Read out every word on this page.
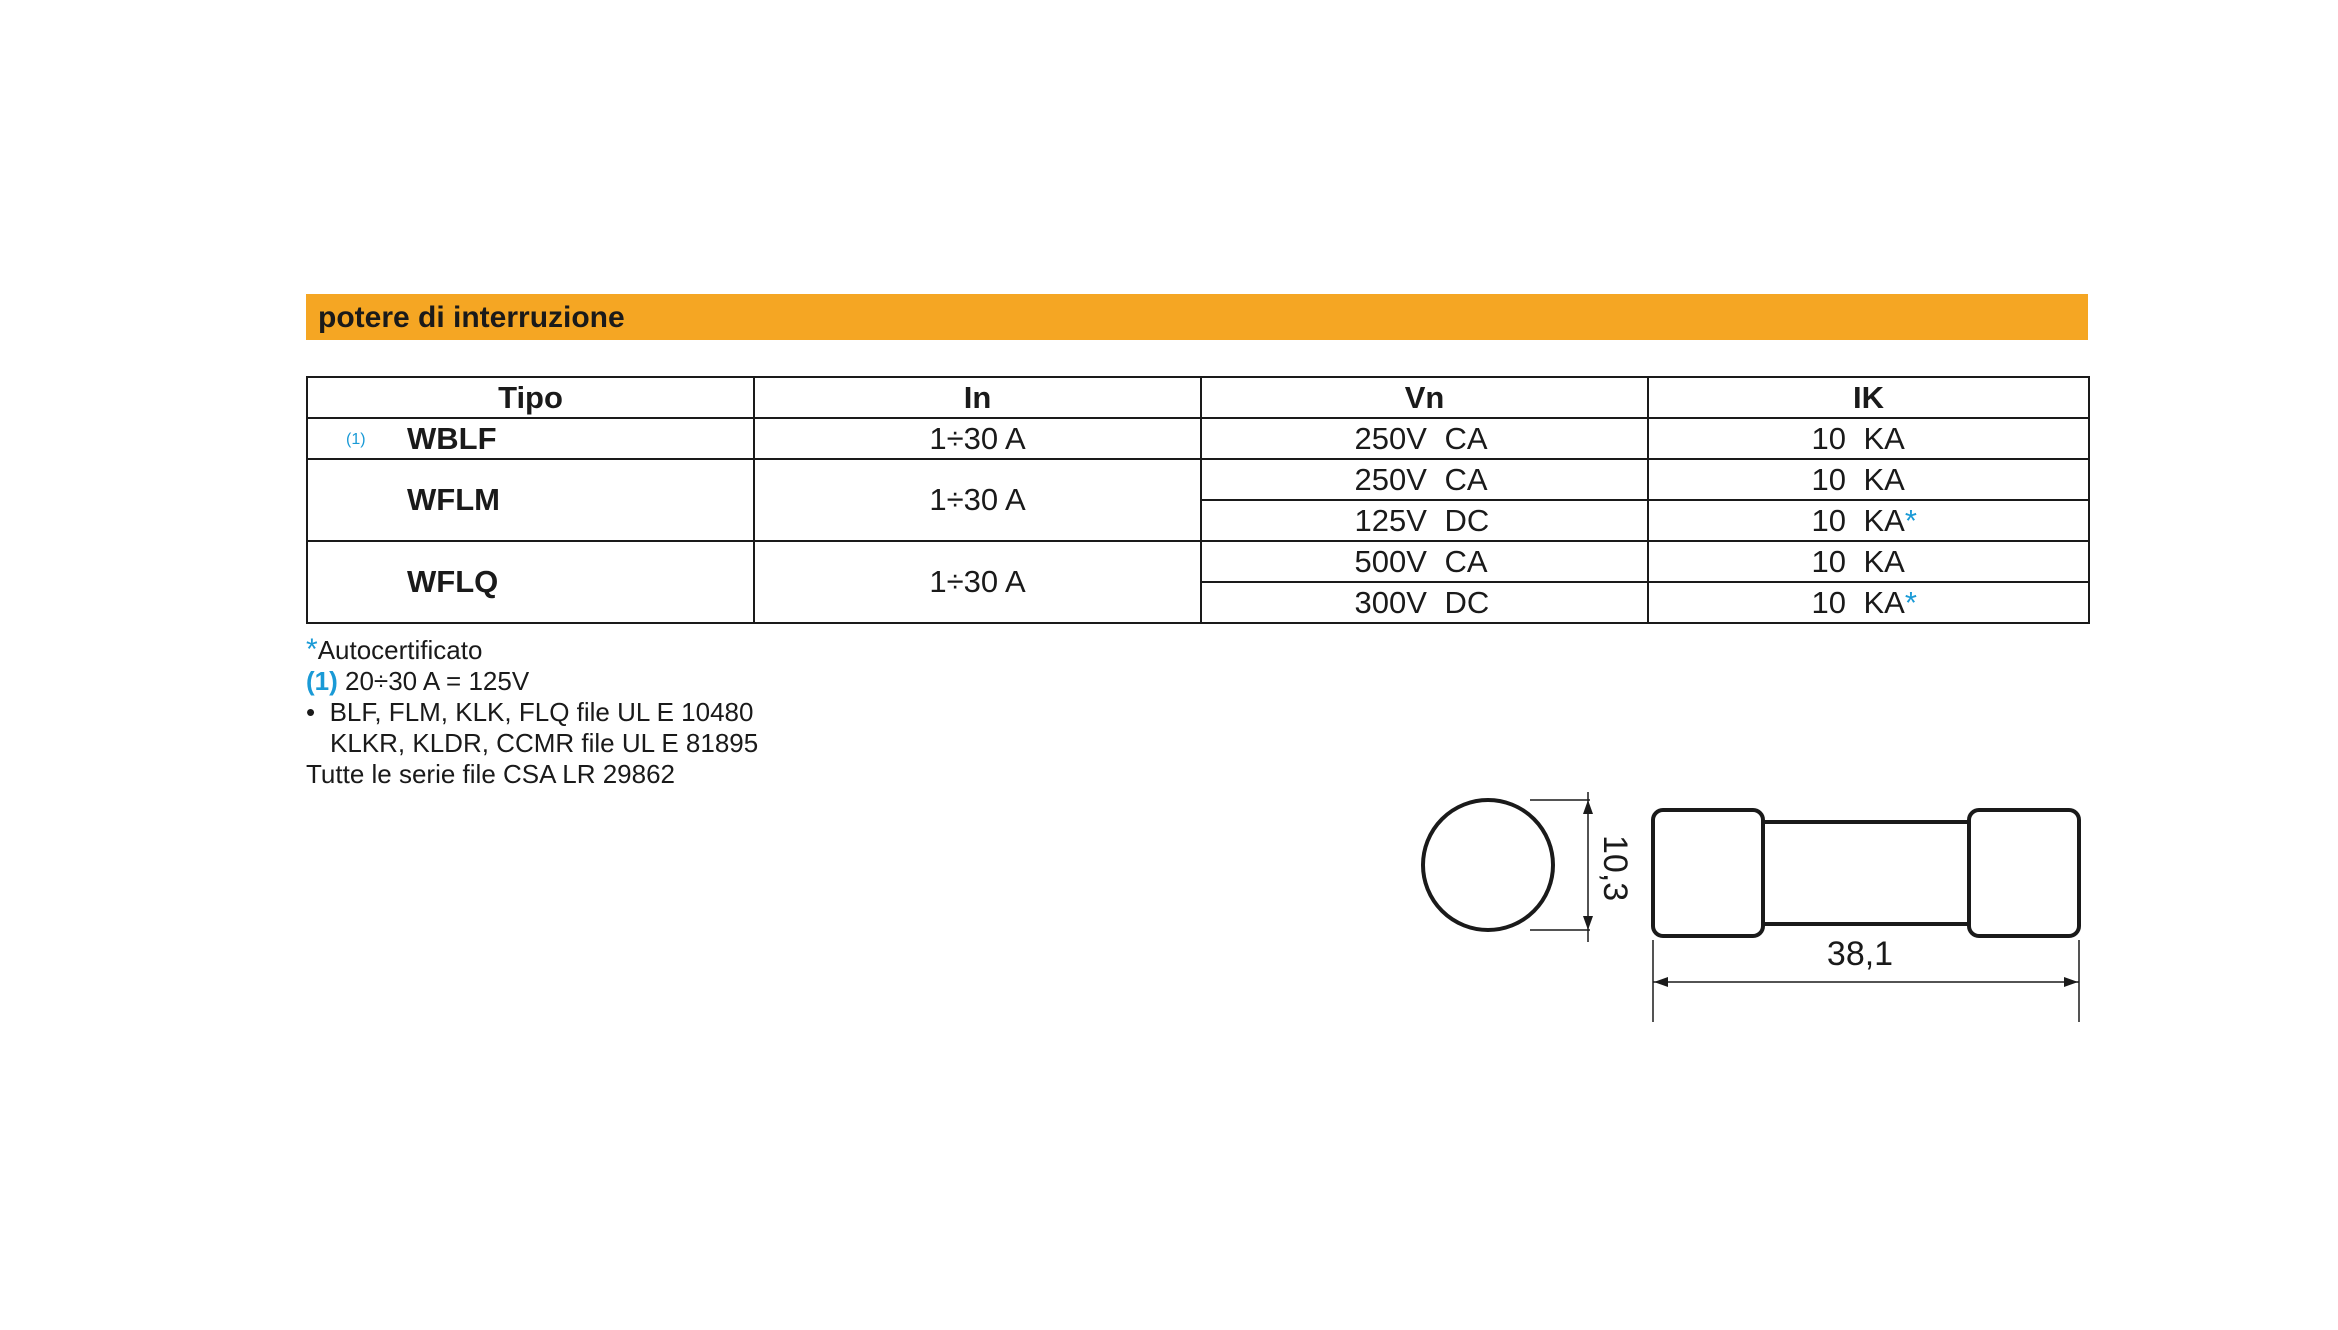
potere di interruzione
Tipo	In	Vn	IK

(1) WBLF	1÷30 A	250V CA	10 KA
WFLM	1÷30 A	250V CA	10 KA
		125V DC	10 KA*
WFLQ	1÷30 A	500V CA	10 KA
		300V DC	10 KA*
*Autocertificato
(1) 20÷30 A = 125V
• BLF, FLM, KLK, FLQ file UL E 10480
KLKR, KLDR, CCMR file UL E 81895
Tutte le serie file CSA LR 29862
10,3
38,1
